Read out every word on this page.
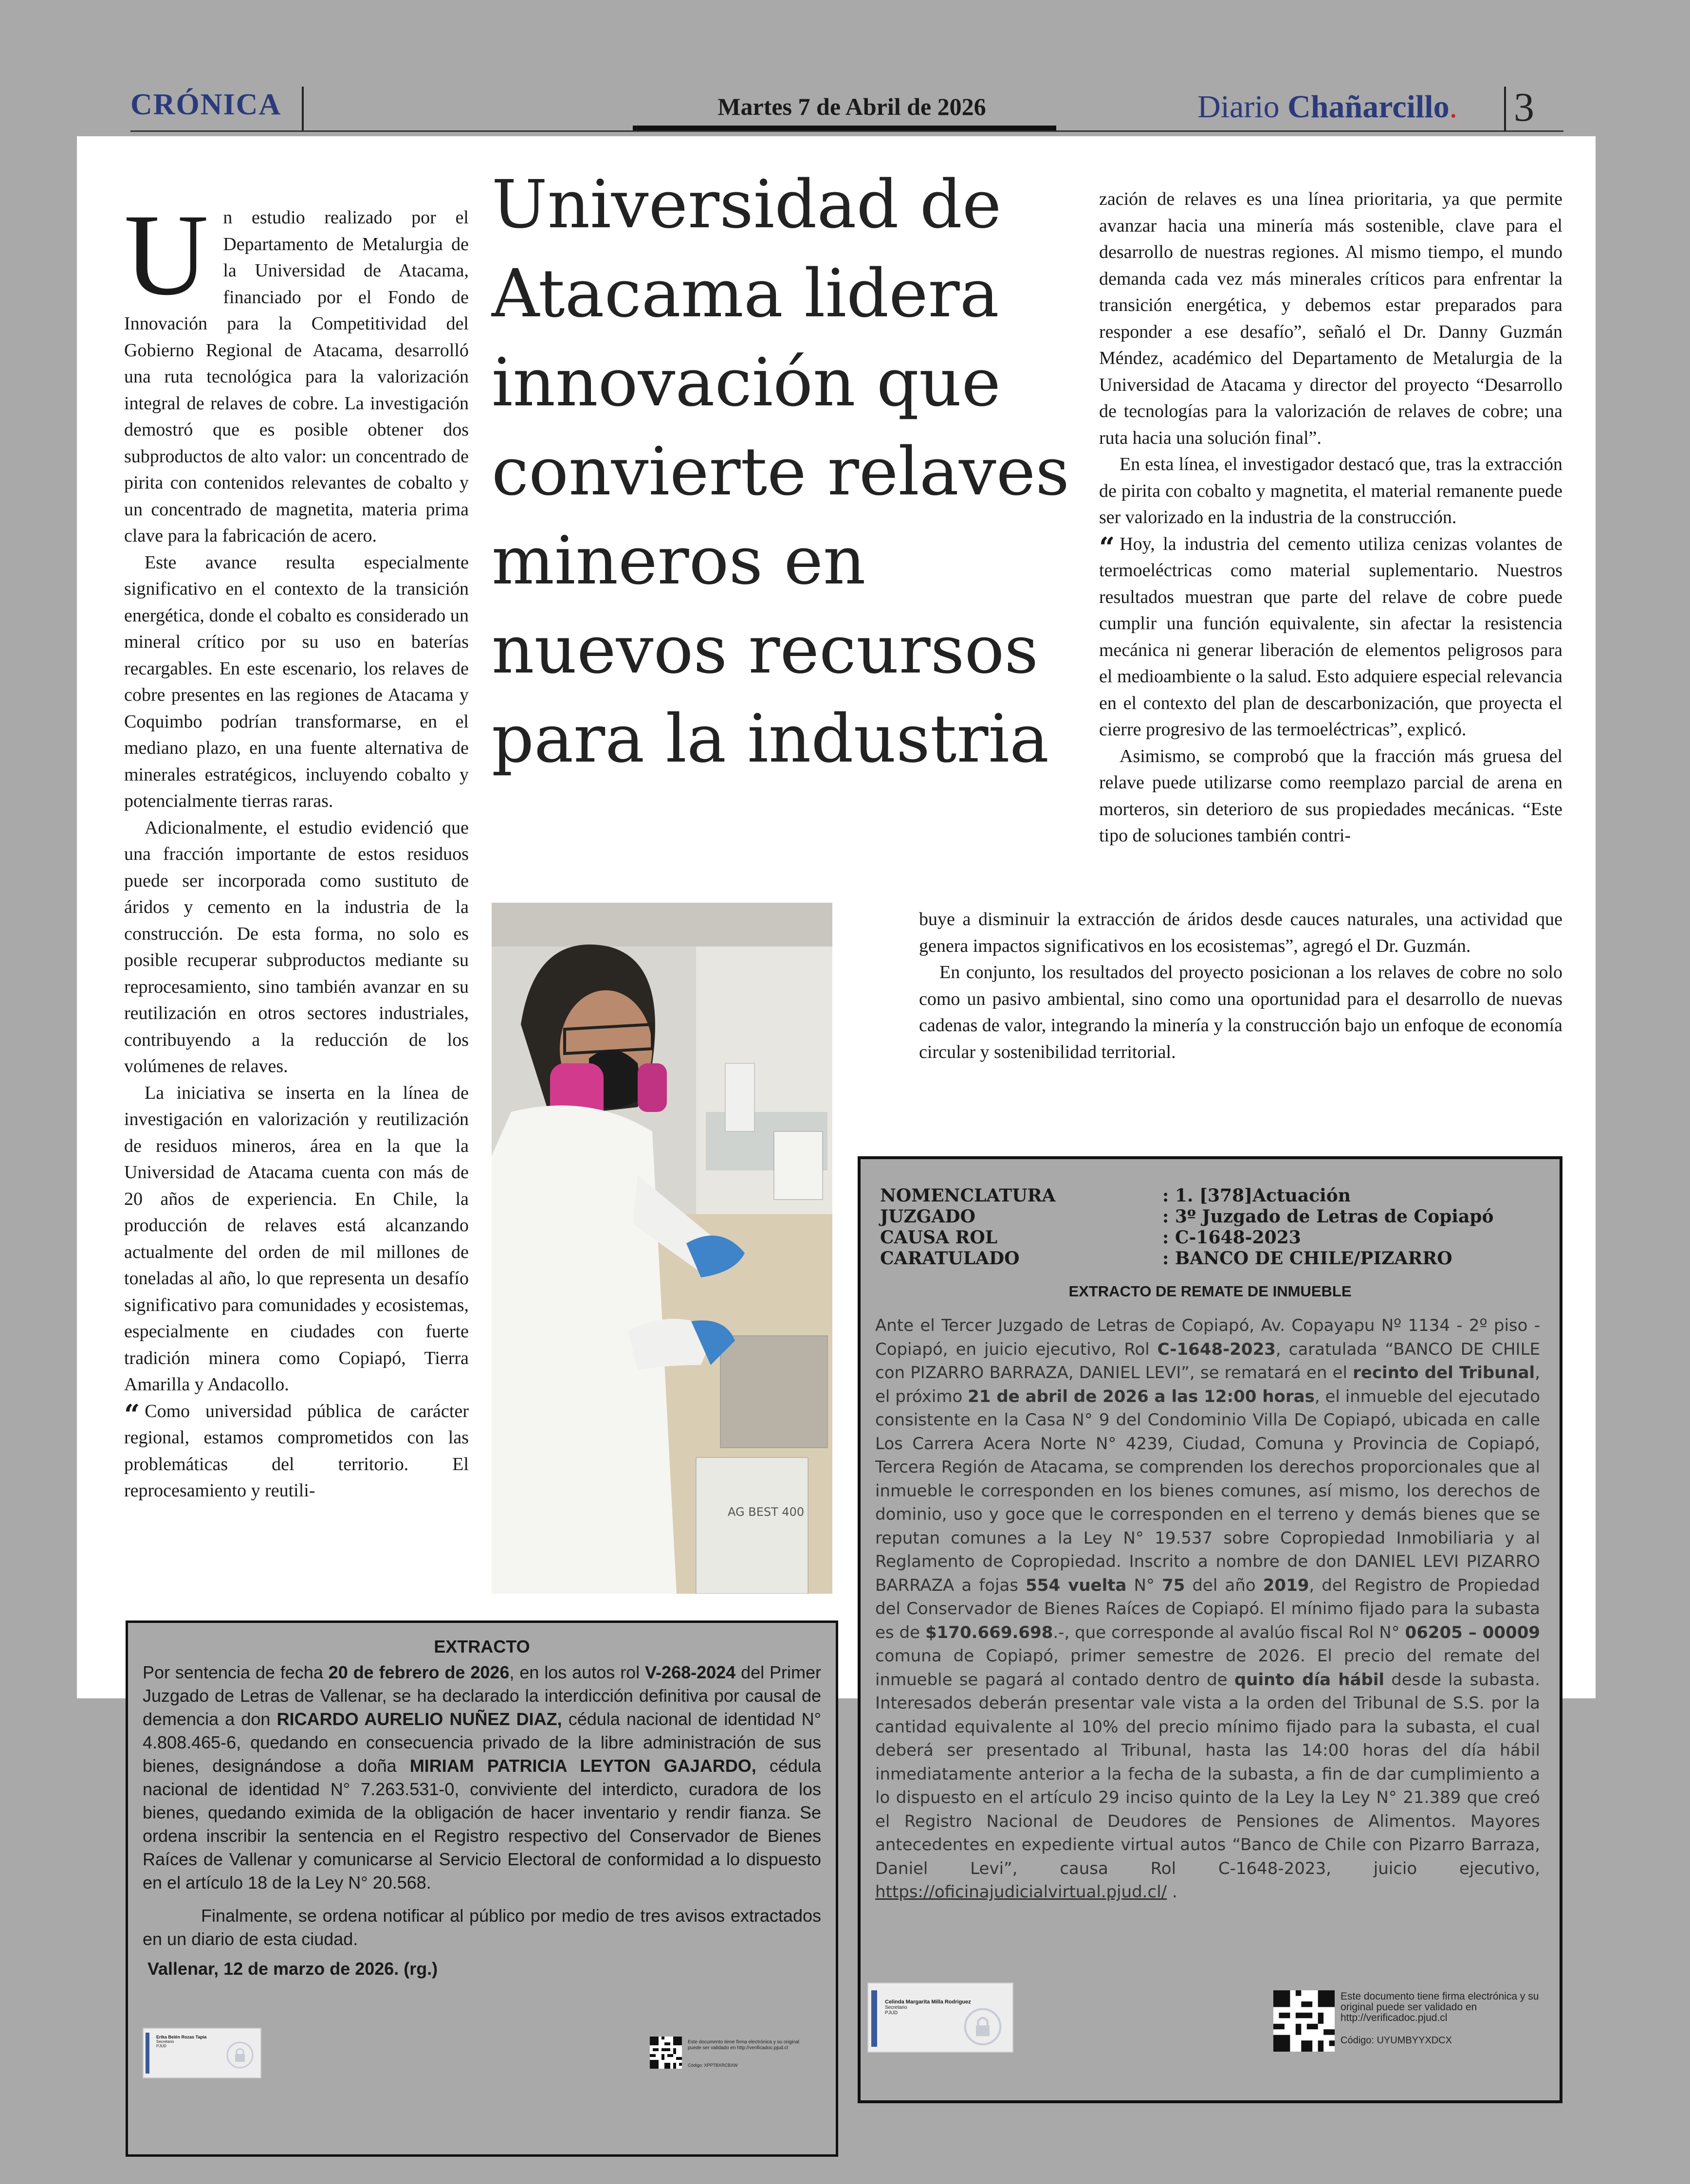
CRÓNICA	Martes 7 de Abril de 2026	Diario Chañarcillo. 3
U n estudio realizado por el Departamento de Metalurgia de la Universidad de Atacama, financiado por el Fondo de Innovación para la Competitividad del Gobierno Regional de Atacama, desarrolló una ruta tecnológica para la valorización integral de relaves de cobre. La investigación demostró que es posible obtener dos subproductos de alto valor: un concentrado de pirita con contenidos relevantes de cobalto y un concentrado de magnetita, materia prima clave para la fabricación de acero.

Este avance resulta especialmente significativo en el contexto de la transición energética, donde el cobalto es considerado un mineral crítico por su uso en baterías recargables. En este escenario, los relaves de cobre presentes en las regiones de Atacama y Coquimbo podrían transformarse, en el mediano plazo, en una fuente alternativa de minerales estratégicos, incluyendo cobalto y potencialmente tierras raras.

Adicionalmente, el estudio evidenció que una fracción importante de estos residuos puede ser incorporada como sustituto de áridos y cemento en la industria de la construcción. De esta forma, no solo es posible recuperar subproductos mediante su reprocesamiento, sino también avanzar en su reutilización en otros sectores industriales, contribuyendo a la reducción de los volúmenes de relaves.

La iniciativa se inserta en la línea de investigación en valorización y reutilización de residuos mineros, área en la que la Universidad de Atacama cuenta con más de 20 años de experiencia. En Chile, la producción de relaves está alcanzando actualmente del orden de mil millones de toneladas al año, lo que representa un desafío significativo para comunidades y ecosistemas, especialmente en ciudades con fuerte tradición minera como Copiapó, Tierra Amarilla y Andacollo.

“ Como universidad pública de carácter regional, estamos comprometidos con las problemáticas del territorio. El reprocesamiento y reutili-

Universidad de Atacama lidera innovación que convierte relaves mineros en nuevos recursos para la industria
AG BEST 400

zación de relaves es una línea prioritaria, ya que permite avanzar hacia una minería más sostenible, clave para el desarrollo de nuestras regiones. Al mismo tiempo, el mundo demanda cada vez más minerales críticos para enfrentar la transición energética, y debemos estar preparados para responder a ese desafío”, señaló el Dr. Danny Guzmán Méndez, académico del Departamento de Metalurgia de la Universidad de Atacama y director del proyecto “Desarrollo de tecnologías para la valorización de relaves de cobre; una ruta hacia una solución final”.

En esta línea, el investigador destacó que, tras la extracción de pirita con cobalto y magnetita, el material remanente puede ser valorizado en la industria de la construcción.

“ Hoy, la industria del cemento utiliza cenizas volantes de termoeléctricas como material suplementario. Nuestros resultados muestran que parte del relave de cobre puede cumplir una función equivalente, sin afectar la resistencia mecánica ni generar liberación de elementos peligrosos para el medioambiente o la salud. Esto adquiere especial relevancia en el contexto del plan de descarbonización, que proyecta el cierre progresivo de las termoeléctricas”, explicó.

Asimismo, se comprobó que la fracción más gruesa del relave puede utilizarse como reemplazo parcial de arena en morteros, sin deterioro de sus propiedades mecánicas. “Este tipo de soluciones también contri-

buye a disminuir la extracción de áridos desde cauces naturales, una actividad que genera impactos significativos en los ecosistemas”, agregó el Dr. Guzmán.

En conjunto, los resultados del proyecto posicionan a los relaves de cobre no solo como un pasivo ambiental, sino como una oportunidad para el desarrollo de nuevas cadenas de valor, integrando la minería y la construcción bajo un enfoque de economía circular y sostenibilidad territorial.

EXTRACTO

Por sentencia de fecha 20 de febrero de 2026, en los autos rol V-268-2024 del Primer Juzgado de Letras de Vallenar, se ha declarado la interdicción definitiva por causal de demencia a don RICARDO AURELIO NUÑEZ DIAZ, cédula nacional de identidad N° 4.808.465-6, quedando en consecuencia privado de la libre administración de sus bienes, designándose a doña MIRIAM PATRICIA LEYTON GAJARDO, cédula nacional de identidad N° 7.263.531-0, conviviente del interdicto, curadora de los bienes, quedando eximida de la obligación de hacer inventario y rendir fianza. Se ordena inscribir la sentencia en el Registro respectivo del Conservador de Bienes Raíces de Vallenar y comunicarse al Servicio Electoral de conformidad a lo dispuesto en el artículo 18 de la Ley N° 20.568.

Finalmente, se ordena notificar al público por medio de tres avisos extractados en un diario de esta ciudad.

Vallenar, 12 de marzo de 2026. (rg.)
Erika Belén Rozas Tapia
Secretario
PJUD
Este documento tiene firma electrónica y su original puede ser validado en http://verificadoc.pjud.cl
Código: XPPTBXRCBXW
NOMENCLATURA	: 1. [378]Actuación
JUZGADO	: 3º Juzgado de Letras de Copiapó
CAUSA ROL	: C-1648-2023
CARATULADO	: BANCO DE CHILE/PIZARRO
EXTRACTO DE REMATE DE INMUEBLE
Ante el Tercer Juzgado de Letras de Copiapó, Av. Copayapu Nº 1134 - 2º piso - Copiapó, en juicio ejecutivo, Rol C-1648-2023, caratulada “BANCO DE CHILE con PIZARRO BARRAZA, DANIEL LEVI”, se rematará en el recinto del Tribunal, el próximo 21 de abril de 2026 a las 12:00 horas, el inmueble del ejecutado consistente en la Casa N° 9 del Condominio Villa De Copiapó, ubicada en calle Los Carrera Acera Norte N° 4239, Ciudad, Comuna y Provincia de Copiapó, Tercera Región de Atacama, se comprenden los derechos proporcionales que al inmueble le corresponden en los bienes comunes, así mismo, los derechos de dominio, uso y goce que le corresponden en el terreno y demás bienes que se reputan comunes a la Ley N° 19.537 sobre Copropiedad Inmobiliaria y al Reglamento de Copropiedad. Inscrito a nombre de don DANIEL LEVI PIZARRO BARRAZA a fojas 554 vuelta N° 75 del año 2019, del Registro de Propiedad del Conservador de Bienes Raíces de Copiapó. El mínimo fijado para la subasta es de $170.669.698.-, que corresponde al avalúo fiscal Rol N° 06205 – 00009 comuna de Copiapó, primer semestre de 2026. El precio del remate del inmueble se pagará al contado dentro de quinto día hábil desde la subasta. Interesados deberán presentar vale vista a la orden del Tribunal de S.S. por la cantidad equivalente al 10% del precio mínimo fijado para la subasta, el cual deberá ser presentado al Tribunal, hasta las 14:00 horas del día hábil inmediatamente anterior a la fecha de la subasta, a fin de dar cumplimiento a lo dispuesto en el artículo 29 inciso quinto de la Ley la Ley N° 21.389 que creó el Registro Nacional de Deudores de Pensiones de Alimentos. Mayores antecedentes en expediente virtual autos “Banco de Chile con Pizarro Barraza, Daniel Levi”, causa Rol C-1648-2023, juicio ejecutivo, https://oficinajudicialvirtual.pjud.cl/ .
Celinda Margarita Milla Rodriguez
Secretario
PJUD
Este documento tiene firma electrónica y su original puede ser validado en http://verificadoc.pjud.cl
Código: UYUMBYYXDCX
